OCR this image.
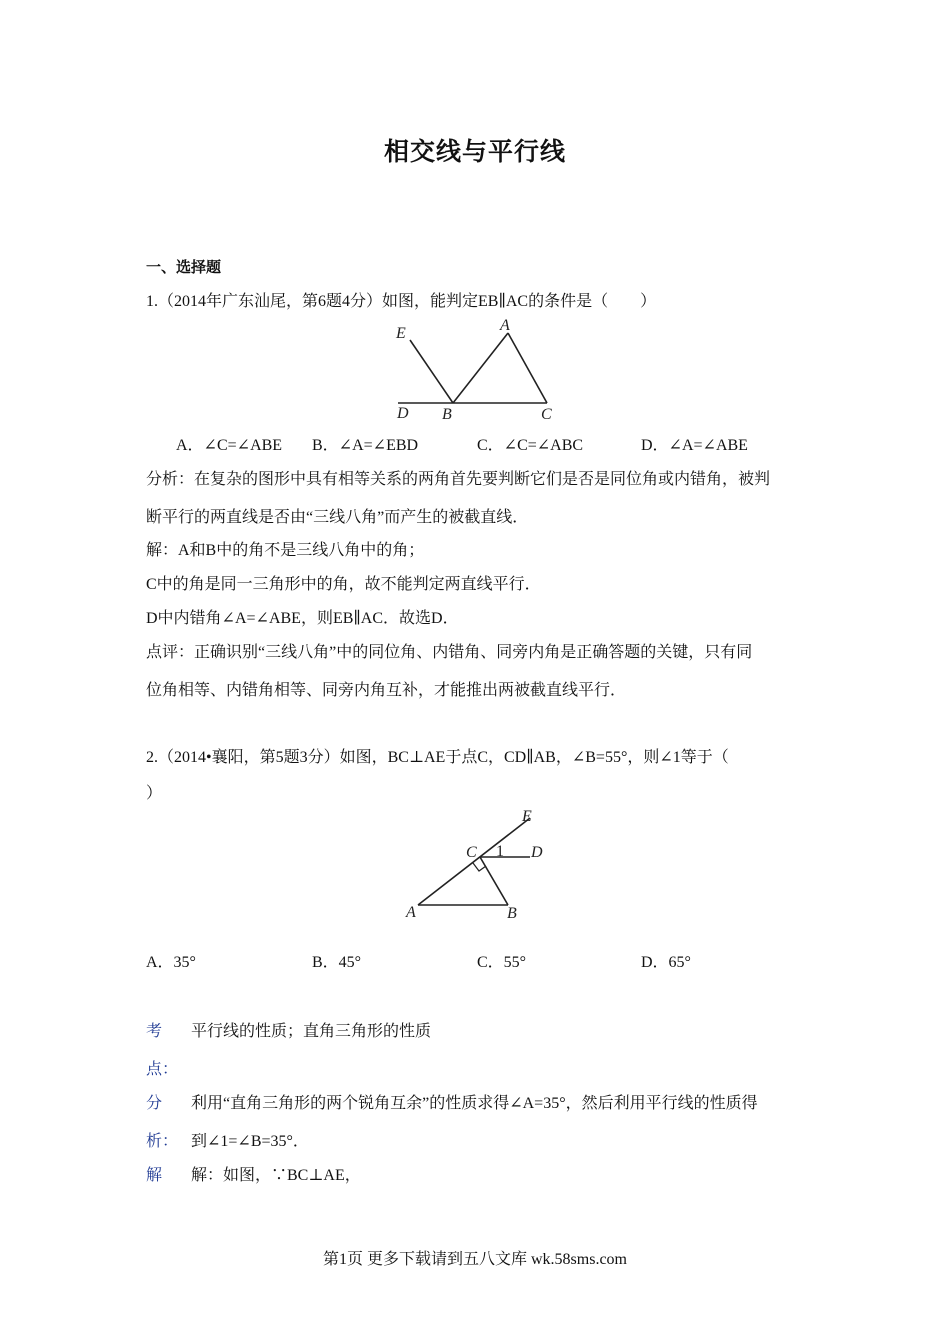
相交线与平行线
一、选择题
1.（2014年广东汕尾，第6题4分）如图，能判定EB∥AC的条件是（　　）
E	A
D B	C
A．∠C=∠ABE B．∠A=∠EBD	C．∠C=∠ABC	D．∠A=∠ABE
分析：在复杂的图形中具有相等关系的两角首先要判断它们是否是同位角或内错角，被判
断平行的两直线是否由“三线八角”而产生的被截直线．
解：A和B中的角不是三线八角中的角；
C中的角是同一三角形中的角，故不能判定两直线平行．
D中内错角∠A=∠ABE，则EB∥AC．故选D．
点评：正确识别“三线八角”中的同位角、内错角、同旁内角是正确答题的关键，只有同
位角相等、内错角相等、同旁内角互补，才能推出两被截直线平行．
2.（2014•襄阳，第5题3分）如图，BC⊥AE于点C，CD∥AB，∠B=55°，则∠1等于（
）
E
C 1 D
A	B
A．35°	B．45°	C．55°	D．65°
考 平行线的性质；直角三角形的性质
点：
分 利用“直角三角形的两个锐角互余”的性质求得∠A=35°，然后利用平行线的性质得
析： 到∠1=∠B=35°．
解 解：如图，∵BC⊥AE，
第1页 更多下载请到五八文库 wk.58sms.com
